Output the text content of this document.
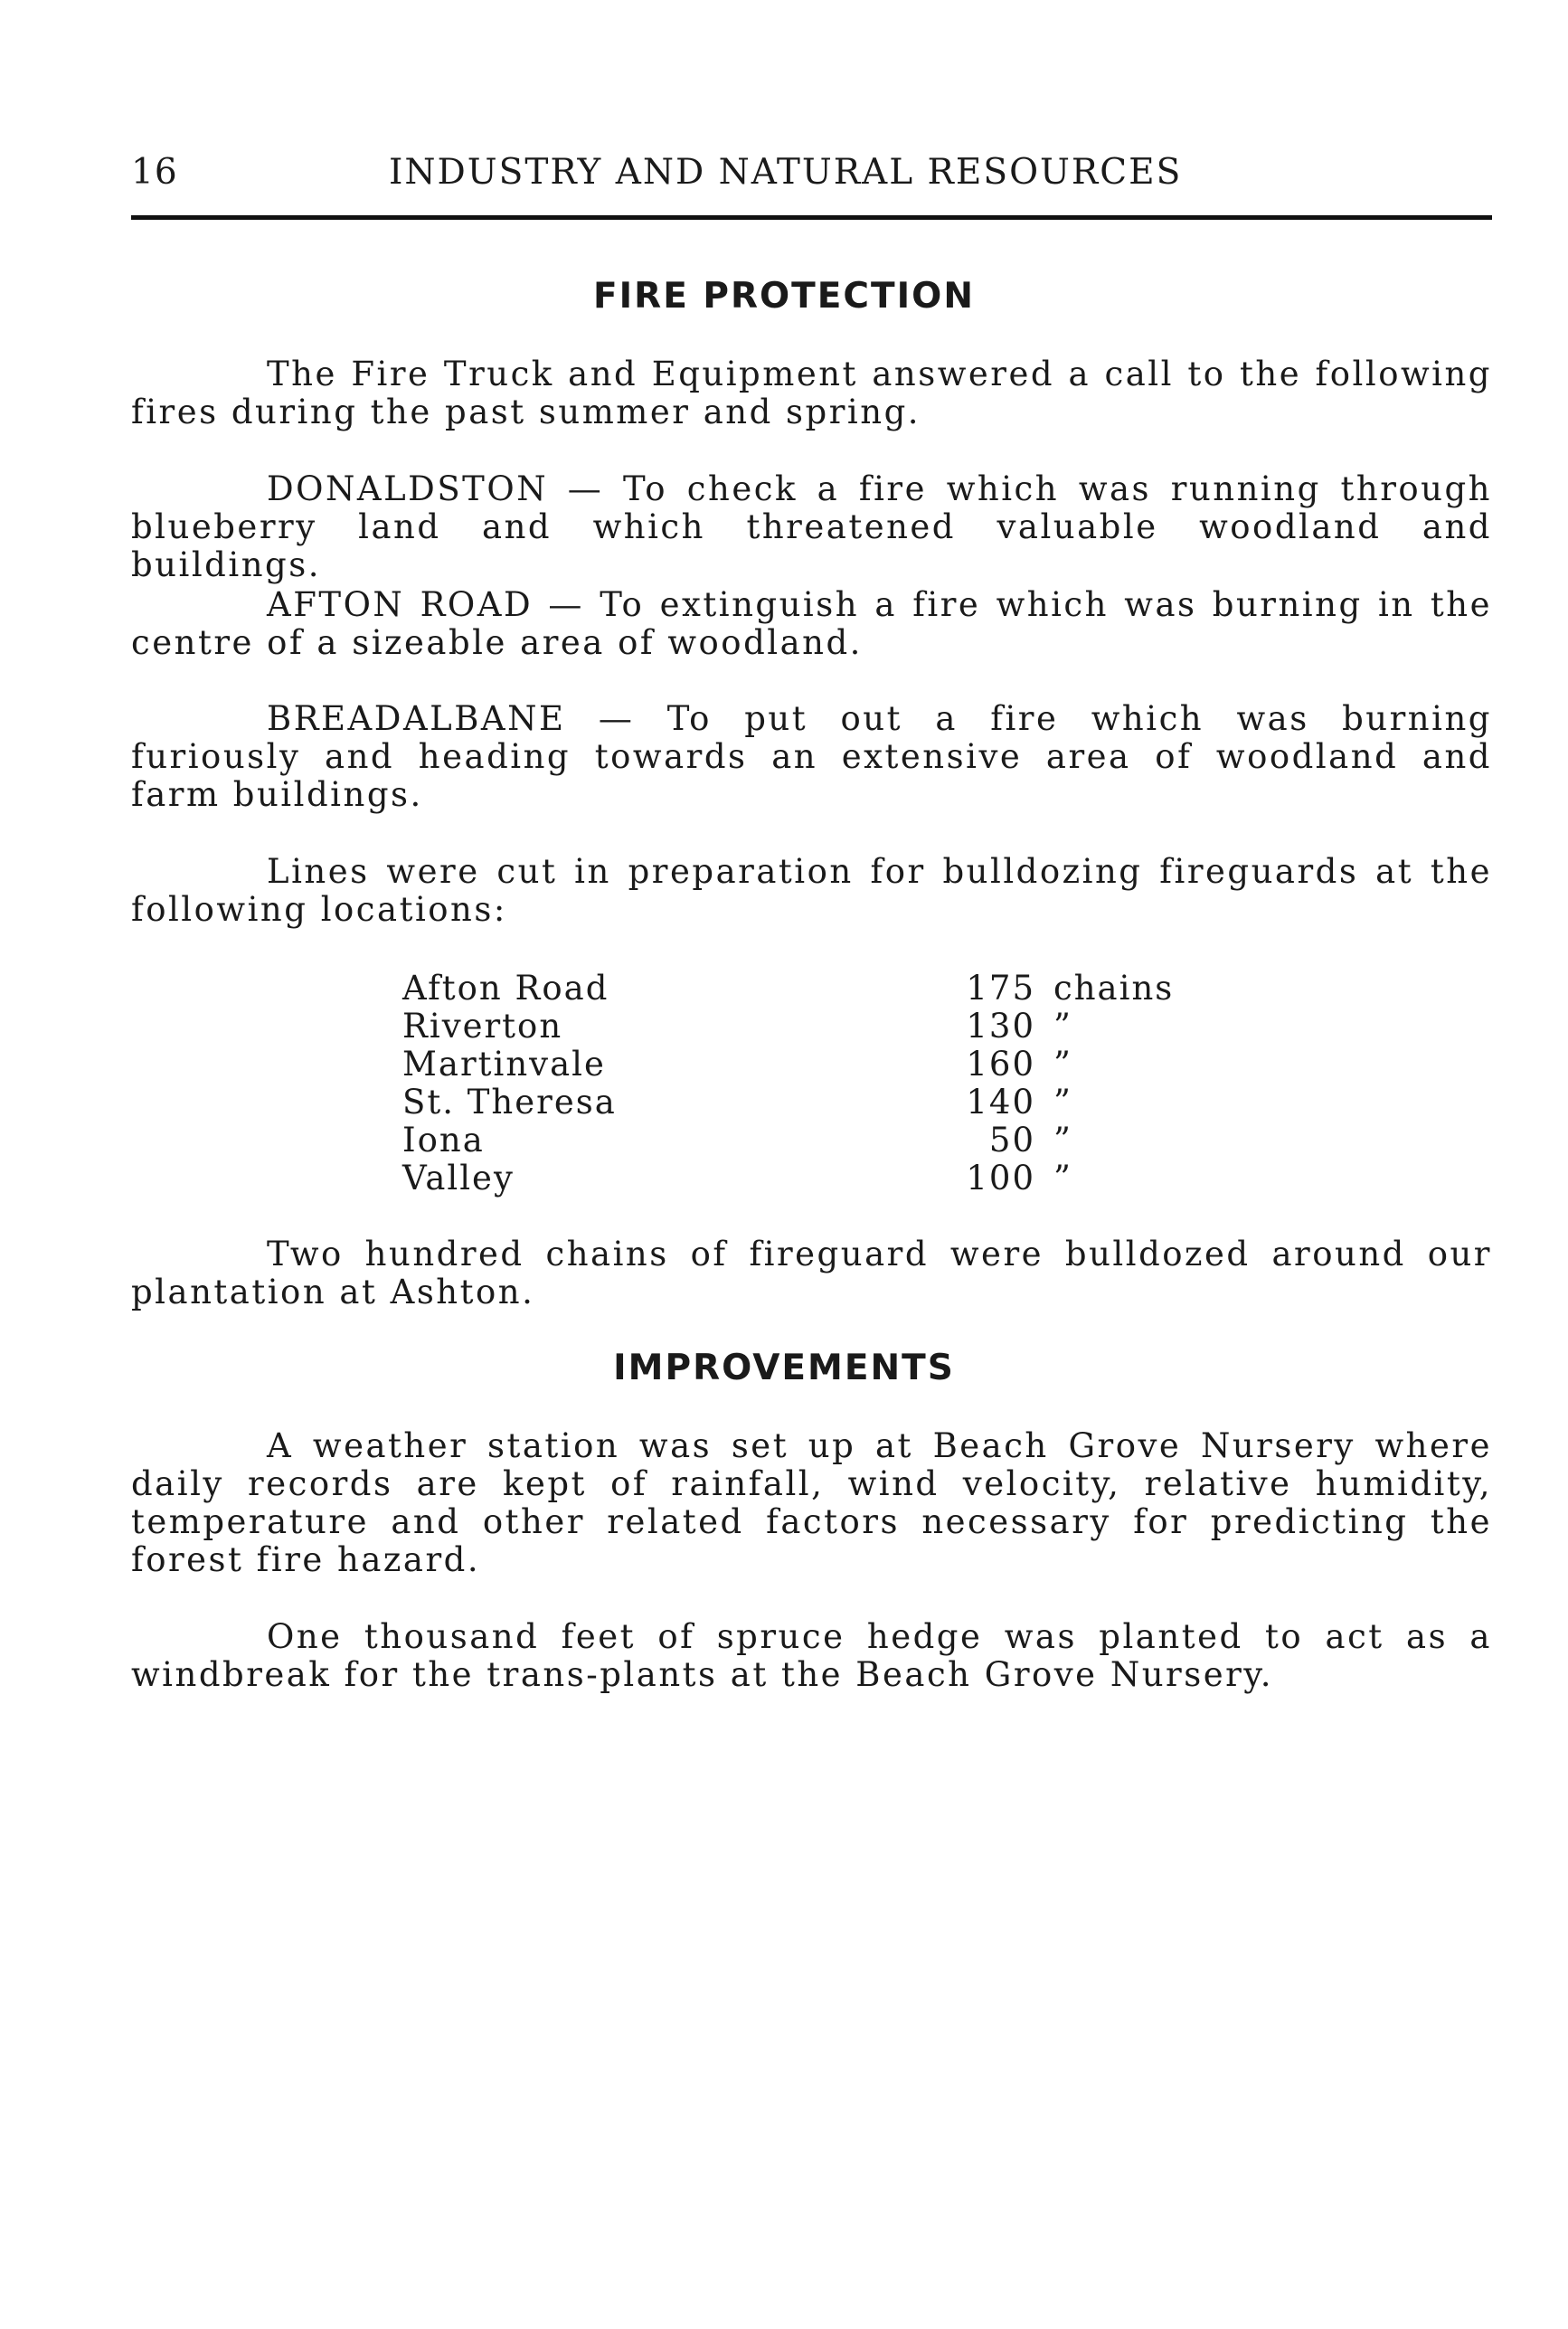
16	INDUSTRY AND NATURAL RESOURCES
FIRE PROTECTION

The Fire Truck and Equipment answered a call to the following fires during the past summer and spring.

DONALDSTON — To check a fire which was running through blueberry land and which threatened valuable woodland and buildings.

AFTON ROAD — To extinguish a fire which was burning in the centre of a sizeable area of woodland.

BREADALBANE — To put out a fire which was burning furiously and heading towards an extensive area of woodland and farm buildings.

Lines were cut in preparation for bulldozing fireguards at the following locations:

Afton Road	175 chains
Riverton	130 ”
Martinvale	160 ”
St. Theresa	140 ”
Iona	50 ”
Valley	100 ”

Two hundred chains of fireguard were bulldozed around our plantation at Ashton.

IMPROVEMENTS

A weather station was set up at Beach Grove Nursery where daily records are kept of rainfall, wind velocity, relative humidity, temperature and other related factors necessary for predicting the forest fire hazard.

One thousand feet of spruce hedge was planted to act as a windbreak for the trans-plants at the Beach Grove Nursery.
